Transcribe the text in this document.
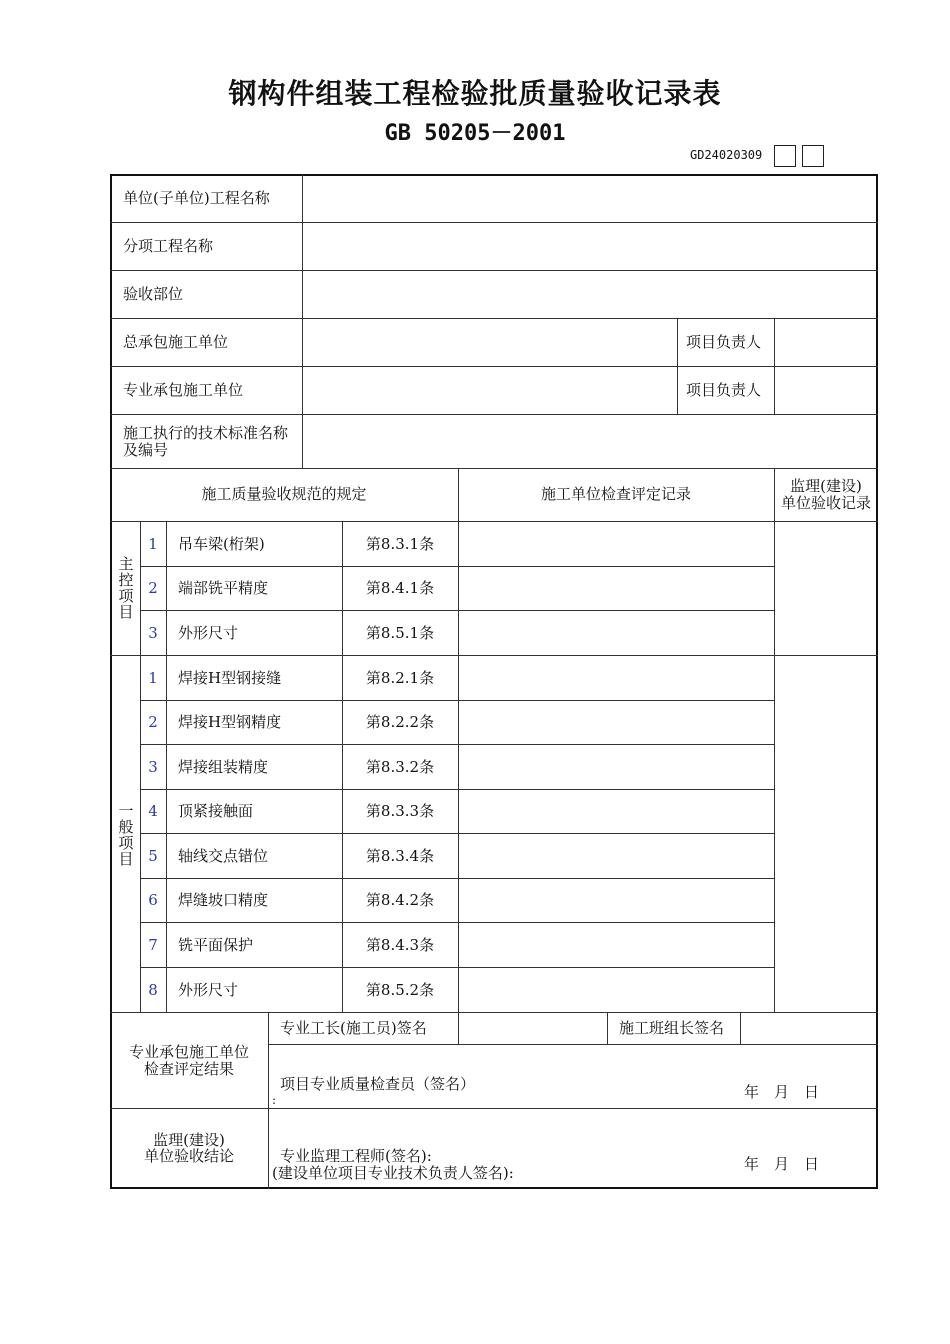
钢构件组装工程检验批质量验收记录表
GB 50205－2001
GD24020309
单位(子单位)工程名称
分项工程名称
验收部位
总承包施工单位	项目负责人
专业承包施工单位	项目负责人
施工执行的技术标准名称
及编号
施工质量验收规范的规定	施工单位检查评定记录	监理(建设)
单位验收记录
主
控
项
目
1	吊车梁(桁架)	第8.3.1条
2	端部铣平精度	第8.4.1条
3	外形尺寸	第8.5.1条
一
般
项
目
1	焊接H型钢接缝	第8.2.1条
2	焊接H型钢精度	第8.2.2条
3	焊接组装精度	第8.3.2条
4	顶紧接触面	第8.3.3条
5	轴线交点错位	第8.3.4条
6	焊缝坡口精度	第8.4.2条
7	铣平面保护	第8.4.3条
8	外形尺寸	第8.5.2条
专业承包施工单位
检查评定结果
专业工长(施工员)签名	施工班组长签名
项目专业质量检查员（签名）
:	年　月　日
监理(建设)
单位验收结论	专业监理工程师(签名):
(建设单位项目专业技术负责人签名):	年　月　日
